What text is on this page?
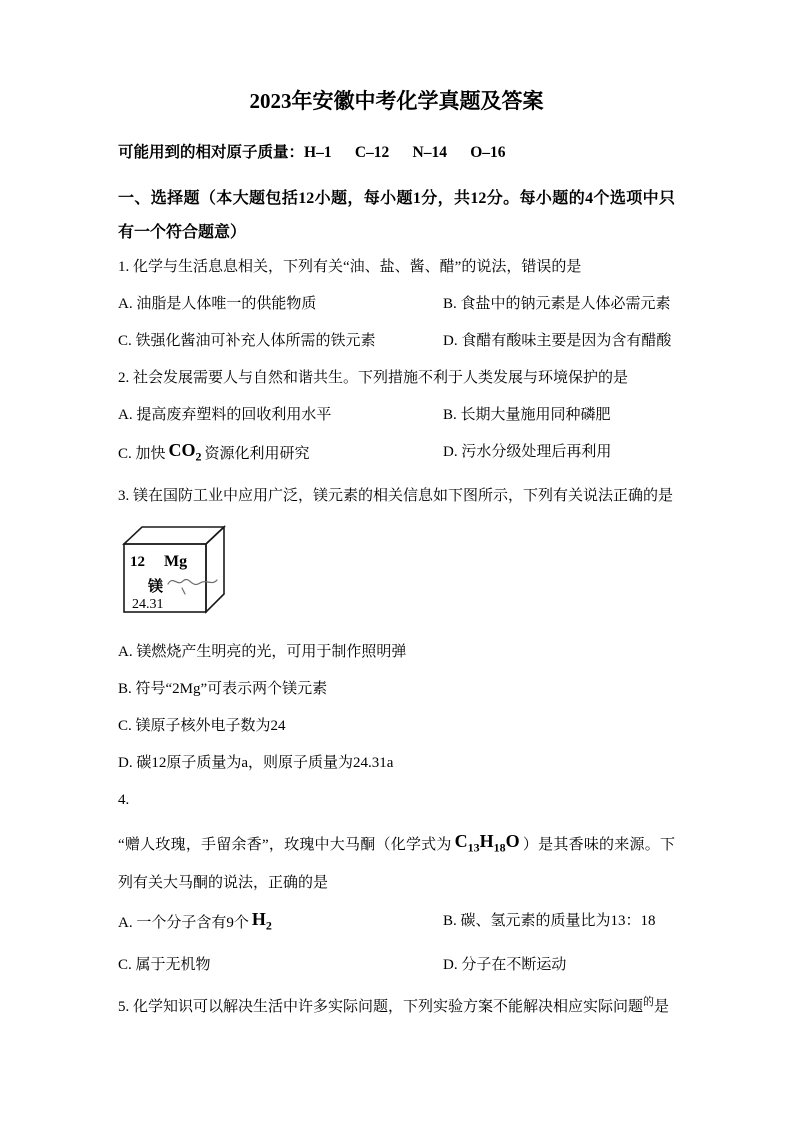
2023年安徽中考化学真题及答案

可能用到的相对原子质量：H–1      C–12      N–14      O–16

一、选择题（本大题包括12小题，每小题1分，共12分。每小题的4个选项中只有一个符合题意）

1. 化学与生活息息相关，下列有关“油、盐、酱、醋”的说法，错误的是

A. 油脂是人体唯一的供能物质	B. 食盐中的钠元素是人体必需元素
C. 铁强化酱油可补充人体所需的铁元素	D. 食醋有酸味主要是因为含有醋酸

2. 社会发展需要人与自然和谐共生。下列措施不利于人类发展与环境保护的是

A. 提高废弃塑料的回收利用水平	B. 长期大量施用同种磷肥
C. 加快 $CO_2$ 资源化利用研究	D. 污水分级处理后再利用

3. 镁在国防工业中应用广泛，镁元素的相关信息如下图所示，下列有关说法正确的是

12 Mg
镁
24.31

A. 镁燃烧产生明亮的光，可用于制作照明弹

B. 符号“2Mg”可表示两个镁元素

C. 镁原子核外电子数为24

D. 碳12原子质量为a，则原子质量为24.31a

4.

“赠人玫瑰，手留余香”，玫瑰中大马酮（化学式为 $C_{13}H_{18}O$ ）是其香味的来源。下列有关大马酮的说法，正确的是

A. 一个分子含有9个 $H_2$	B. 碳、氢元素的质量比为13：18
C. 属于无机物	D. 分子在不断运动

5. 化学知识可以解决生活中许多实际问题，下列实验方案不能解决相应实际问题$^的$是
